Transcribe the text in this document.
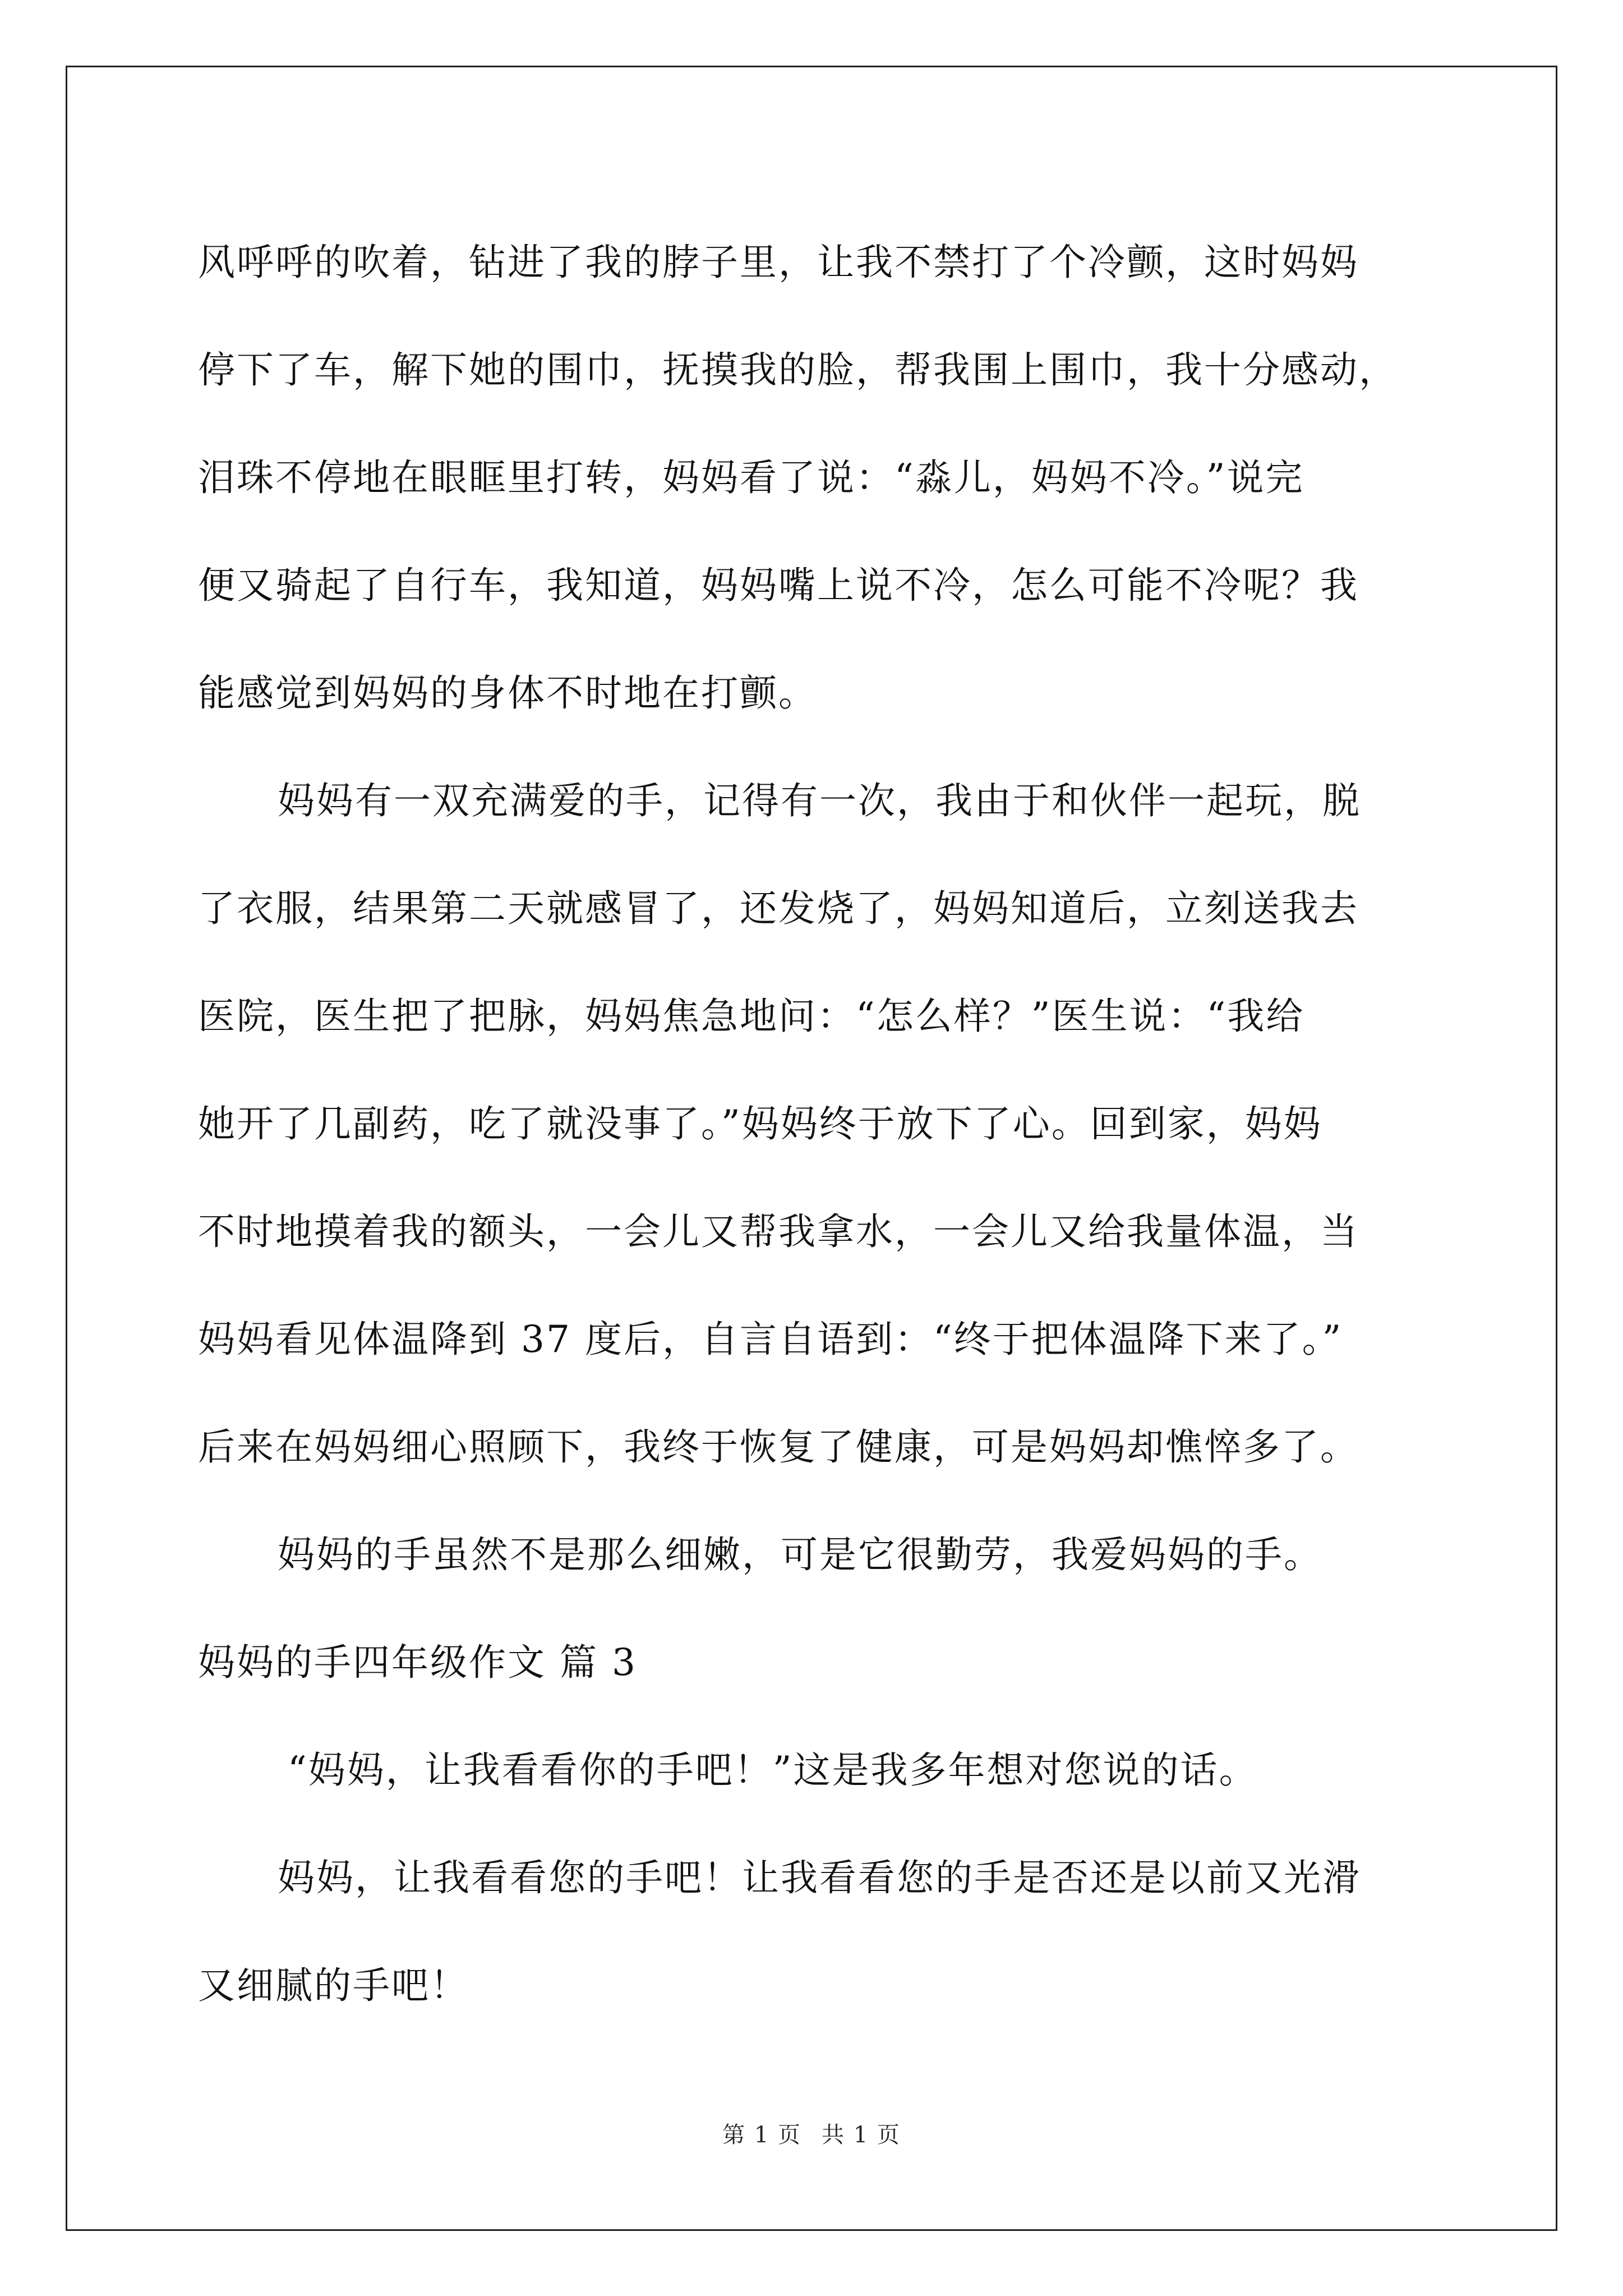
风呼呼的吹着，钻进了我的脖子里，让我不禁打了个冷颤，这时妈妈
停下了车，解下她的围巾，抚摸我的脸，帮我围上围巾，我十分感动，
泪珠不停地在眼眶里打转，妈妈看了说：“淼儿，妈妈不冷。”说完
便又骑起了自行车，我知道，妈妈嘴上说不冷，怎么可能不冷呢？我
能感觉到妈妈的身体不时地在打颤。
妈妈有一双充满爱的手，记得有一次，我由于和伙伴一起玩，脱
了衣服，结果第二天就感冒了，还发烧了，妈妈知道后，立刻送我去
医院，医生把了把脉，妈妈焦急地问：“怎么样？”医生说：“我给
她开了几副药，吃了就没事了。”妈妈终于放下了心。回到家，妈妈
不时地摸着我的额头，一会儿又帮我拿水，一会儿又给我量体温，当
妈妈看见体温降到 37 度后，自言自语到：“终于把体温降下来了。”
后来在妈妈细心照顾下，我终于恢复了健康，可是妈妈却憔悴多了。
妈妈的手虽然不是那么细嫩，可是它很勤劳，我爱妈妈的手。
妈妈的手四年级作文 篇 3
“妈妈，让我看看你的手吧！”这是我多年想对您说的话。
妈妈，让我看看您的手吧！让我看看您的手是否还是以前又光滑
又细腻的手吧！
第 1 页 共 1 页
